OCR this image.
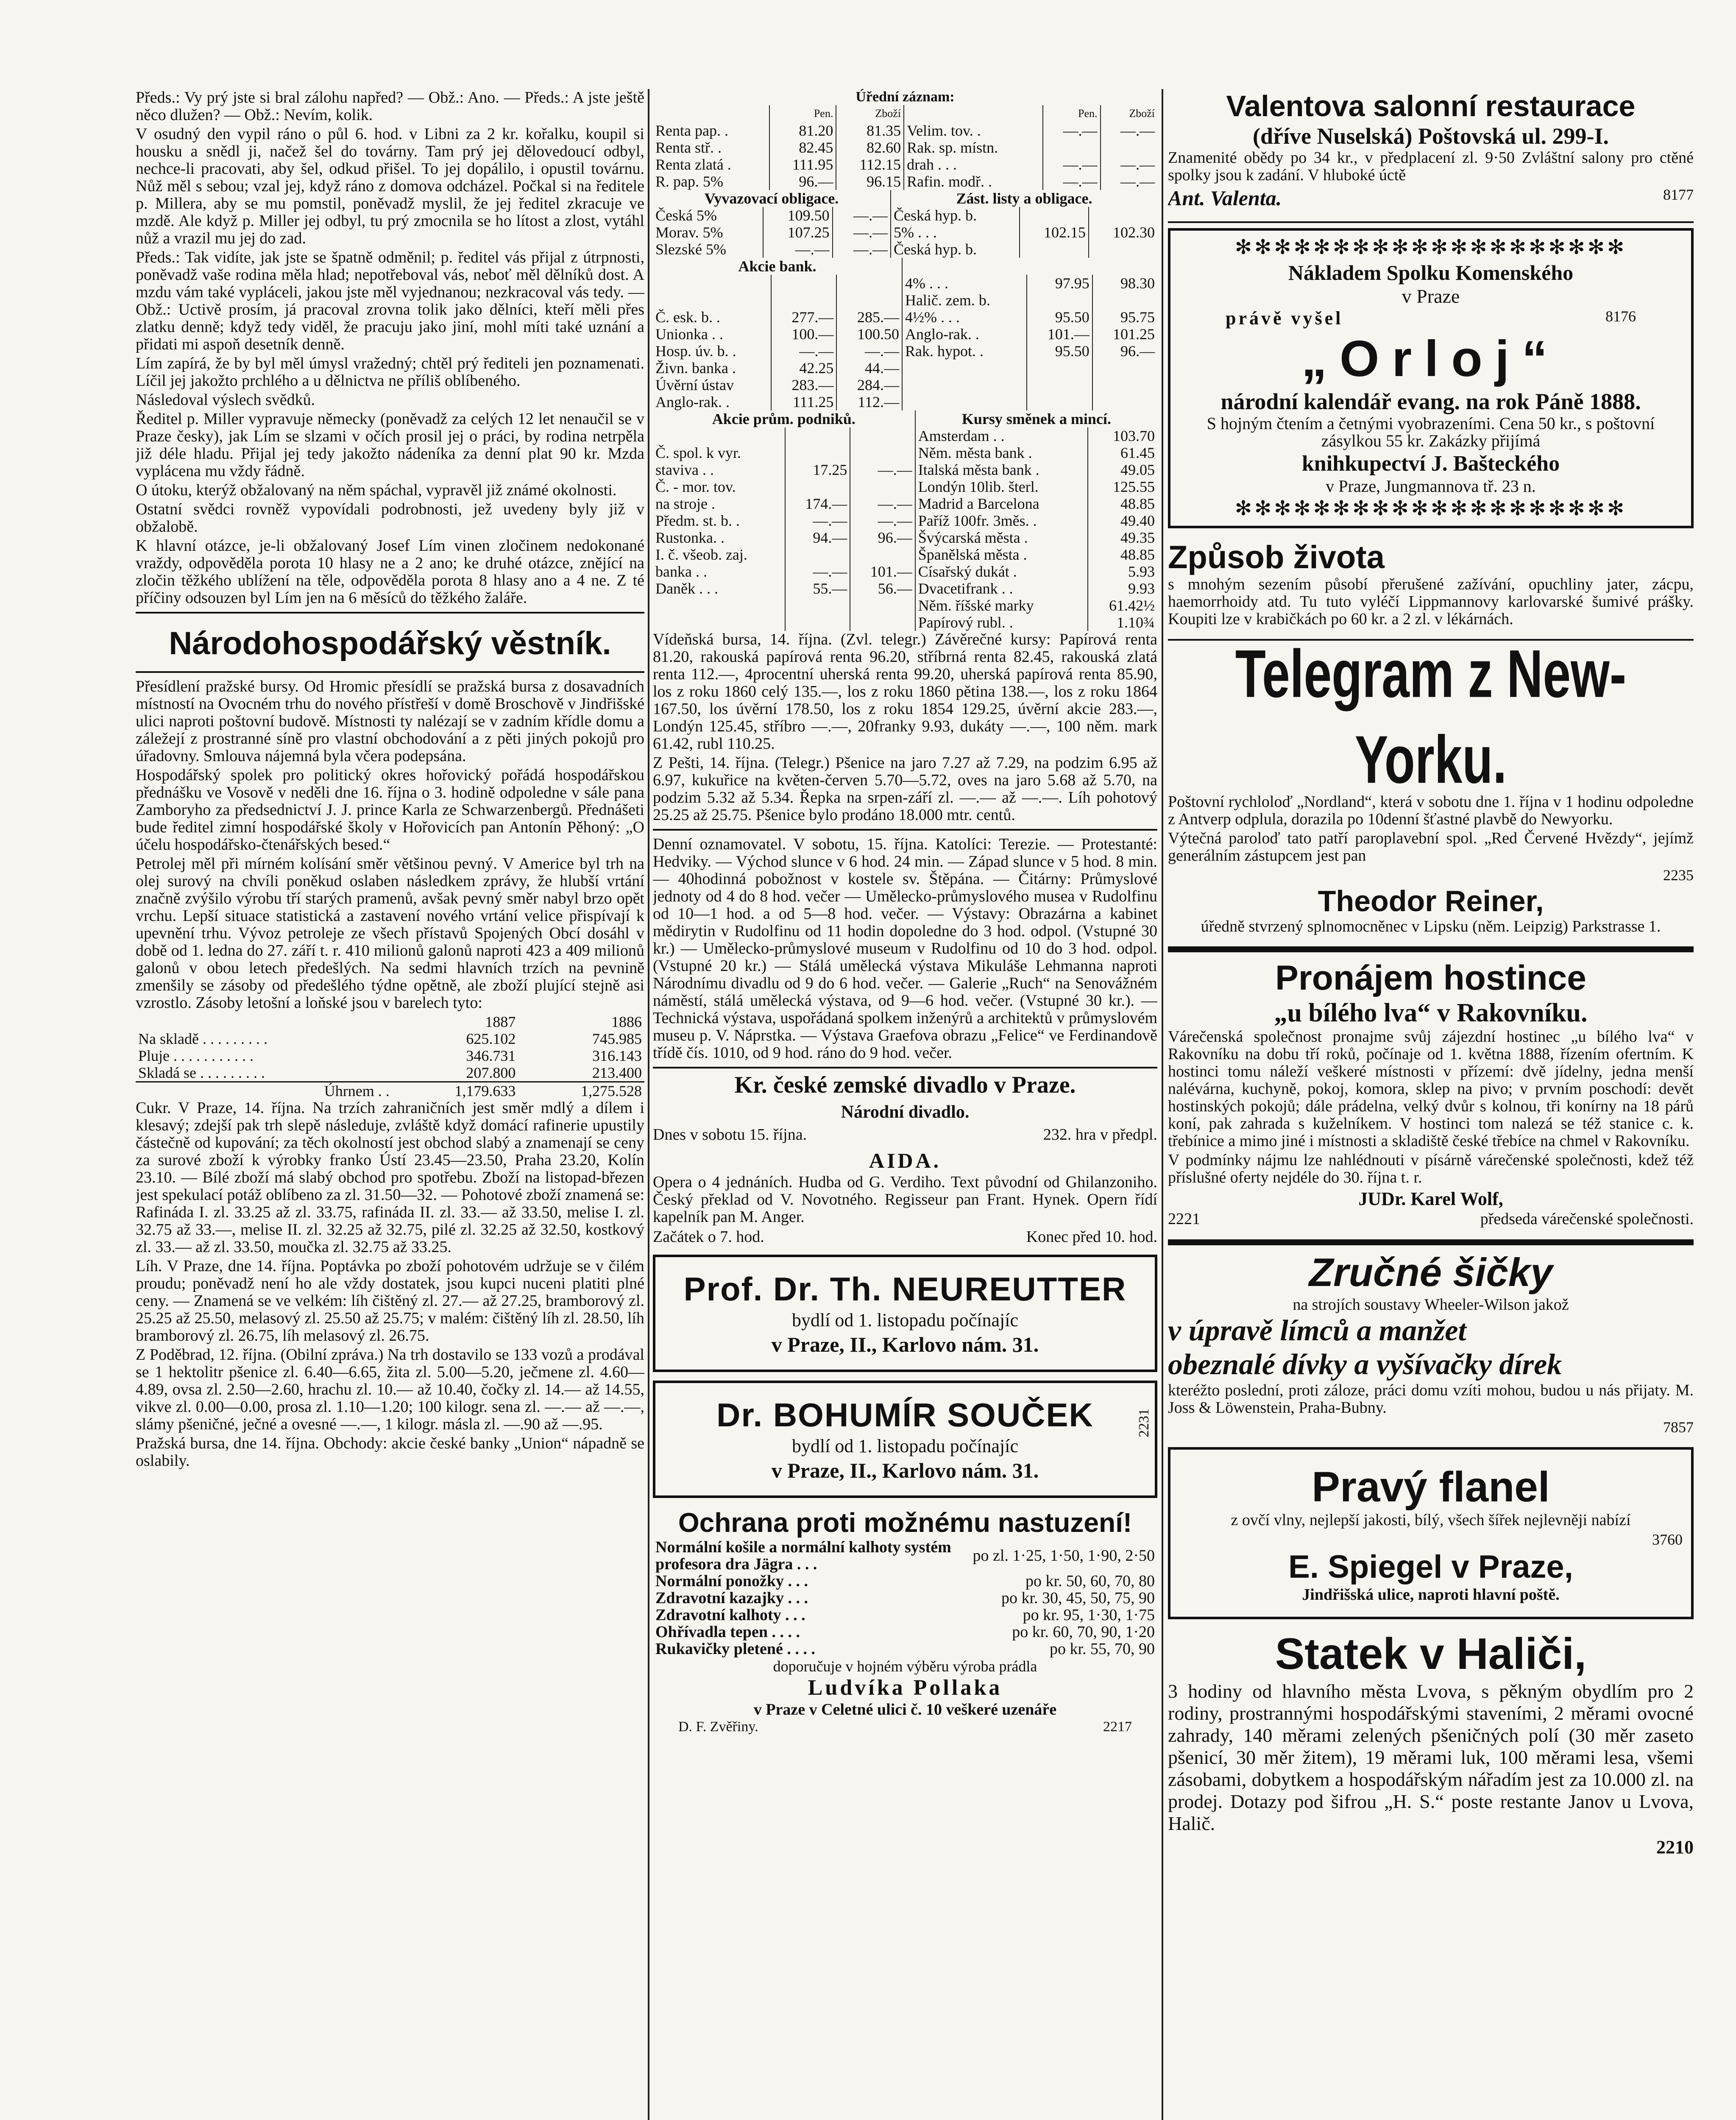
Předs.: Vy prý jste si bral zálohu napřed? — Obž.: Ano. — Předs.: A jste ještě něco dlužen? — Obž.: Nevím, kolik.

V osudný den vypil ráno o půl 6. hod. v Libni za 2 kr. kořalku, koupil si housku a snědl ji, načež šel do továrny. Tam prý jej dělovedoucí odbyl, nechce-li pracovati, aby šel, odkud přišel. To jej dopálilo, i opustil továrnu. Nůž měl s sebou; vzal jej, když ráno z domova odcházel. Počkal si na ředitele p. Millera, aby se mu pomstil, poněvadž myslil, že jej ředitel zkracuje ve mzdě. Ale když p. Miller jej odbyl, tu prý zmocnila se ho lítost a zlost, vytáhl nůž a vrazil mu jej do zad.

Předs.: Tak vidíte, jak jste se špatně odměnil; p. ředitel vás přijal z útrpnosti, poněvadž vaše rodina měla hlad; nepotřeboval vás, neboť měl dělníků dost. A mzdu vám také vypláceli, jakou jste měl vyjednanou; nezkracoval vás tedy. — Obž.: Uctivě prosím, já pracoval zrovna tolik jako dělníci, kteří měli přes zlatku denně; když tedy viděl, že pracuju jako jiní, mohl míti také uznání a přidati mi aspoň desetník denně.

Lím zapírá, že by byl měl úmysl vražedný; chtěl prý řediteli jen poznamenati. Líčil jej jakožto prchlého a u dělnictva ne příliš oblíbeného.

Následoval výslech svědků.

Ředitel p. Miller vypravuje německy (poněvadž za celých 12 let nenaučil se v Praze česky), jak Lím se slzami v očích prosil jej o práci, by rodina netrpěla již déle hladu. Přijal jej tedy jakožto nádeníka za denní plat 90 kr. Mzda vyplácena mu vždy řádně.

O útoku, kterýž obžalovaný na něm spáchal, vypravěl již známé okolnosti.

Ostatní svědci rovněž vypovídali podrobnosti, jež uvedeny byly již v obžalobě.

K hlavní otázce, je-li obžalovaný Josef Lím vinen zločinem nedokonané vraždy, odpověděla porota 10 hlasy ne a 2 ano; ke druhé otázce, znějící na zločin těžkého ublížení na těle, odpověděla porota 8 hlasy ano a 4 ne. Z té příčiny odsouzen byl Lím jen na 6 měsíců do těžkého žaláře.

Národohospodářský věstník.

Přesídlení pražské bursy. Od Hromic přesídlí se pražská bursa z dosavadních místností na Ovocném trhu do nového přístřeší v domě Broschově v Jindřišské ulici naproti poštovní budově. Místnosti ty nalézají se v zadním křídle domu a záležejí z prostranné síně pro vlastní obchodování a z pěti jiných pokojů pro úřadovny. Smlouva nájemná byla včera podepsána.

Hospodářský spolek pro politický okres hořovický pořádá hospodářskou přednášku ve Vosově v neděli dne 16. října o 3. hodině odpoledne v sále pana Zamboryho za předsednictví J. J. prince Karla ze Schwarzenbergů. Přednášeti bude ředitel zimní hospodářské školy v Hořovicích pan Antonín Pěhoný: „O účelu hospodářsko-čtenářských besed.“

Petrolej měl při mírném kolísání směr většinou pevný. V Americe byl trh na olej surový na chvíli poněkud oslaben následkem zprávy, že hlubší vrtání značně zvýšilo výrobu tří starých pramenů, avšak pevný směr nabyl brzo opět vrchu. Lepší situace statistická a zastavení nového vrtání velice přispívají k upevnění trhu. Vývoz petroleje ze všech přístavů Spojených Obcí dosáhl v době od 1. ledna do 27. září t. r. 410 milionů galonů naproti 423 a 409 milionů galonů v obou letech předešlých. Na sedmi hlavních trzích na pevnině zmenšily se zásoby od předešlého týdne opětně, ale zboží plující stejně asi vzrostlo. Zásoby letošní a loňské jsou v barelech tyto:

	1887	1886
Na skladě . . . . . . . . .	625.102	745.985
Pluje . . . . . . . . . . .	346.731	316.143
Skladá se . . . . . . . . .	207.800	213.400
Úhrnem . .	1,179.633	1,275.528

Cukr. V Praze, 14. října. Na trzích zahraničních jest směr mdlý a dílem i klesavý; zdejší pak trh slepě následuje, zvláště když domácí rafinerie upustily částečně od kupování; za těch okolností jest obchod slabý a znamenají se ceny za surové zboží k výrobky franko Ústí 23.45—23.50, Praha 23.20, Kolín 23.10. — Bílé zboží má slabý obchod pro spotřebu. Zboží na listopad-březen jest spekulací potáž oblíbeno za zl. 31.50—32. — Pohotové zboží znamená se: Rafináda I. zl. 33.25 až zl. 33.75, rafináda II. zl. 33.— až 33.50, melise I. zl. 32.75 až 33.—, melise II. zl. 32.25 až 32.75, pilé zl. 32.25 až 32.50, kostkový zl. 33.— až zl. 33.50, moučka zl. 32.75 až 33.25.

Líh. V Praze, dne 14. října. Poptávka po zboží pohotovém udržuje se v čilém proudu; poněvadž není ho ale vždy dostatek, jsou kupci nuceni platiti plné ceny. — Znamená se ve velkém: líh čištěný zl. 27.— až 27.25, bramborový zl. 25.25 až 25.50, melasový zl. 25.50 až 25.75; v malém: čištěný líh zl. 28.50, líh bramborový zl. 26.75, líh melasový zl. 26.75.

Z Poděbrad, 12. října. (Obilní zpráva.) Na trh dostavilo se 133 vozů a prodával se 1 hektolitr pšenice zl. 6.40—6.65, žita zl. 5.00—5.20, ječmene zl. 4.60—4.89, ovsa zl. 2.50—2.60, hrachu zl. 10.— až 10.40, čočky zl. 14.— až 14.55, vikve zl. 0.00—0.00, prosa zl. 1.10—1.20; 100 kilogr. sena zl. —.— až —.—, slámy pšeničné, ječné a ovesné —.—, 1 kilogr. másla zl. —.90 až —.95.

Pražská bursa, dne 14. října. Obchody: akcie české banky „Union“ nápadně se oslabily.

Úřední záznam:
	Pen.	Zboží		Pen.	Zboží
Renta pap. .	81.20	81.35	Velim. tov. .	—.—	—.—
Renta stř. .	82.45	82.60	Rak. sp. místn.		
Renta zlatá .	111.95	112.15	drah . . .	—.—	—.—
R. pap. 5%	96.—	96.15	Rafin. modř. .	—.—	—.—
Vyvazovací obligace.			Zást. listy a obligace.		
Česká 5%	109.50	—.—	Česká hyp. b.		
Morav. 5%	107.25	—.—	5% . . .	102.15	102.30
Slezské 5%	—.—	—.—	Česká hyp. b.		
Akcie bank.					
			4% . . .	97.95	98.30
			Halič. zem. b.		
Č. esk. b. .	277.—	285.—	4½% . . .	95.50	95.75
Unionka . .	100.—	100.50	Anglo-rak. .	101.—	101.25
Hosp. úv. b. .	—.—	—.—	Rak. hypot. .	95.50	96.—
Živn. banka .	42.25	44.—			
Úvěrní ústav	283.—	284.—			
Anglo-rak. .	111.25	112.—			
Akcie prům. podniků.			Kursy směnek a mincí.	
			Amsterdam . .	103.70
Č. spol. k vyr.			Něm. města bank .	61.45
staviva . .	17.25	—.—	Italská města bank .	49.05
Č. - mor. tov.			Londýn 10lib. šterl.	125.55
na stroje .	174.—	—.—	Madrid a Barcelona	48.85
Předm. st. b. .	—.—	—.—	Paříž 100fr. 3měs. .	49.40
Rustonka. .	94.—	96.—	Švýcarská města .	49.35
I. č. všeob. zaj.			Španělská města .	48.85
banka . .	—.—	101.—	Císařský dukát .	5.93
Daněk . . .	55.—	56.—	Dvacetifrank . .	9.93
			Něm. říšské marky	61.42½
			Papírový rubl. .	1.10¾

Vídeňská bursa, 14. října. (Zvl. telegr.) Závěrečné kursy: Papírová renta 81.20, rakouská papírová renta 96.20, stříbrná renta 82.45, rakouská zlatá renta 112.—, 4procentní uherská renta 99.20, uherská papírová renta 85.90, los z roku 1860 celý 135.—, los z roku 1860 pětina 138.—, los z roku 1864 167.50, los úvěrní 178.50, los z roku 1854 129.25, úvěrní akcie 283.—, Londýn 125.45, stříbro —.—, 20franky 9.93, dukáty —.—, 100 něm. mark 61.42, rubl 110.25.

Z Pešti, 14. října. (Telegr.) Pšenice na jaro 7.27 až 7.29, na podzim 6.95 až 6.97, kukuřice na květen-červen 5.70—5.72, oves na jaro 5.68 až 5.70, na podzim 5.32 až 5.34. Řepka na srpen-září zl. —.— až —.—. Líh pohotový 25.25 až 25.75. Pšenice bylo prodáno 18.000 mtr. centů.

Denní oznamovatel. V sobotu, 15. října. Katolíci: Terezie. — Protestanté: Hedviky. — Východ slunce v 6 hod. 24 min. — Západ slunce v 5 hod. 8 min. — 40hodinná pobožnost v kostele sv. Štěpána. — Čitárny: Průmyslové jednoty od 4 do 8 hod. večer — Umělecko-průmyslového musea v Rudolfinu od 10—1 hod. a od 5—8 hod. večer. — Výstavy: Obrazárna a kabinet mědirytin v Rudolfinu od 11 hodin dopoledne do 3 hod. odpol. (Vstupné 30 kr.) — Umělecko-průmyslové museum v Rudolfinu od 10 do 3 hod. odpol. (Vstupné 20 kr.) — Stálá umělecká výstava Mikuláše Lehmanna naproti Národnímu divadlu od 9 do 6 hod. večer. — Galerie „Ruch“ na Senovážném náměstí, stálá umělecká výstava, od 9—6 hod. večer. (Vstupné 30 kr.). — Technická výstava, uspořádaná spolkem inženýrů a architektů v průmyslovém museu p. V. Náprstka. — Výstava Graefova obrazu „Felice“ ve Ferdinandově třídě čís. 1010, od 9 hod. ráno do 9 hod. večer.

Kr. české zemské divadlo v Praze.
Národní divadlo.
Dnes v sobotu 15. října.	232. hra v předpl.
AIDA.

Opera o 4 jednáních. Hudba od G. Verdiho. Text původní od Ghilanzoniho. Český překlad od V. Novotného. Regisseur pan Frant. Hynek. Opern řídí kapelník pan M. Anger.

Začátek o 7. hod.	Konec před 10. hod.
Prof. Dr. Th. NEUREUTTER
bydlí od 1. listopadu počínajíc
v Praze, II., Karlovo nám. 31.
Dr. BOHUMÍR SOUČEK
bydlí od 1. listopadu počínajíc
v Praze, II., Karlovo nám. 31.
2231
Ochrana proti možnému nastuzení!
Normální košile a normální kalhoty systém profesora dra Jägra . . .	po zl. 1·25, 1·50, 1·90, 2·50
Normální ponožky . . .	po kr. 50, 60, 70, 80
Zdravotní kazajky . . .	po kr. 30, 45, 50, 75, 90
Zdravotní kalhoty . . .	po kr. 95, 1·30, 1·75
Ohřívadla tepen . . . .	po kr. 60, 70, 90, 1·20
Rukavičky pletené . . . .	po kr. 55, 70, 90
doporučuje v hojném výběru výroba prádla
Ludvíka Pollaka
v Praze v Celetné ulici č. 10 veškeré uzenáře
D. F. Zvěřiny.	2217
Valentova salonní restaurace
(dříve Nuselská) Poštovská ul. 299-I.

Znamenité obědy po 34 kr., v předplacení zl. 9·50 Zvláštní salony pro ctěné spolky jsou k zadání. V hluboké úctě

Ant. Valenta.	8177
✻✻✻✻✻✻✻✻✻✻✻✻✻✻✻✻✻✻✻✻
Nákladem Spolku Komenského
v Praze
právě vyšel	8176
„Orloj“
národní kalendář evang. na rok Páně 1888.

S hojným čtením a četnými vyobrazeními. Cena 50 kr., s poštovní zásylkou 55 kr. Zakázky přijímá

knihkupectví J. Bašteckého
v Praze, Jungmannova tř. 23 n.
✻✻✻✻✻✻✻✻✻✻✻✻✻✻✻✻✻✻✻✻
Způsob života

s mnohým sezením působí přerušené zažívání, opuchliny jater, zácpu, haemorrhoidy atd. Tu tuto vyléčí Lippmannovy karlovarské šumivé prášky. Koupiti lze v krabičkách po 60 kr. a 2 zl. v lékárnách.

Telegram z New-Yorku.

Poštovní rychloloď „Nordland“, která v sobotu dne 1. října v 1 hodinu odpoledne z Antverp odplula, dorazila po 10denní šťastné plavbě do Newyorku.

Výtečná paroloď tato patří paroplavební spol. „Red Červené Hvězdy“, jejímž generálním zástupcem jest pan

2235
Theodor Reiner,

úředně stvrzený splnomocněnec v Lipsku (něm. Leipzig) Parkstrasse 1.

Pronájem hostince
„u bílého lva“ v Rakovníku.

Várečenská společnost pronajme svůj zájezdní hostinec „u bílého lva“ v Rakovníku na dobu tří roků, počínaje od 1. května 1888, řízením ofertním. K hostinci tomu náleží veškeré místnosti v přízemí: dvě jídelny, jedna menší nalévárna, kuchyně, pokoj, komora, sklep na pivo; v prvním poschodí: devět hostinských pokojů; dále prádelna, velký dvůr s kolnou, tři konírny na 18 párů koní, pak zahrada s kuželníkem. V hostinci tom nalezá se též stanice c. k. třebínice a mimo jiné i místnosti a skladiště české třebíce na chmel v Rakovníku.

V podmínky nájmu lze nahlédnouti v písárně várečenské společnosti, kdež též příslušné oferty nejdéle do 30. října t. r.

JUDr. Karel Wolf,
2221	předseda várečenské společnosti.
Zručné šičky
na strojích soustavy Wheeler-Wilson jakož
v úpravě límců a manžet
obeznalé dívky a vyšívačky dírek

kteréžto poslední, proti záloze, práci domu vzíti mohou, budou u nás přijaty. M. Joss & Löwenstein, Praha-Bubny.

7857
Pravý flanel

z ovčí vlny, nejlepší jakosti, bílý, všech šířek nejlevněji nabízí

3760
E. Spiegel v Praze,
Jindřišská ulice, naproti hlavní poště.
Statek v Haliči,

3 hodiny od hlavního města Lvova, s pěkným obydlím pro 2 rodiny, prostrannými hospodářskými staveními, 2 měrami ovocné zahrady, 140 měrami zelených pšeničných polí (30 měr zaseto pšenicí, 30 měr žitem), 19 měrami luk, 100 měrami lesa, všemi zásobami, dobytkem a hospodářským nářadím jest za 10.000 zl. na prodej. Dotazy pod šifrou „H. S.“ poste restante Janov u Lvova, Halič.

2210
